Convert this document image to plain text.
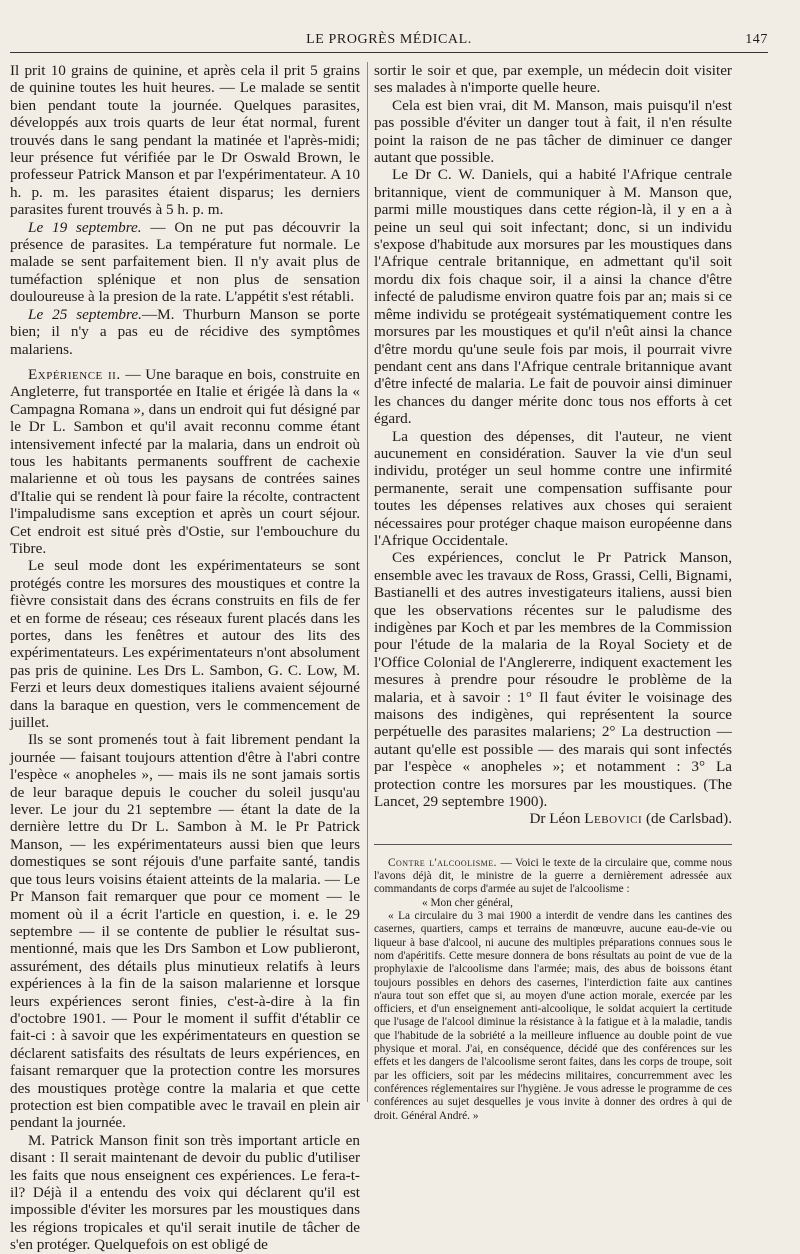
LE PROGRÈS MÉDICAL.	147

Il prit 10 grains de quinine, et après cela il prit 5 grains de quinine toutes les huit heures. — Le malade se sentit bien pendant toute la journée. Quelques parasites, développés aux trois quarts de leur état normal, furent trouvés dans le sang pendant la matinée et l'après-midi; leur présence fut vérifiée par le Dr Oswald Brown, le professeur Patrick Manson et par l'expérimentateur. A 10 h. p. m. les parasites étaient disparus; les derniers parasites furent trouvés à 5 h. p. m.

Le 19 septembre. — On ne put pas découvrir la présence de parasites. La température fut normale. Le malade se sent parfaitement bien. Il n'y avait plus de tuméfaction splénique et non plus de sensation douloureuse à la presion de la rate. L'appétit s'est rétabli.

Le 25 septembre.—M. Thurburn Manson se porte bien; il n'y a pas eu de récidive des symptômes malariens.

Expérience ii. — Une baraque en bois, construite en Angleterre, fut transportée en Italie et érigée là dans la « Campagna Romana », dans un endroit qui fut désigné par le Dr L. Sambon et qu'il avait reconnu comme étant intensivement infecté par la malaria, dans un endroit où tous les habitants permanents souffrent de cachexie malarienne et où tous les paysans de contrées saines d'Italie qui se rendent là pour faire la récolte, contractent l'impaludisme sans exception et après un court séjour. Cet endroit est situé près d'Ostie, sur l'embouchure du Tibre.

Le seul mode dont les expérimentateurs se sont protégés contre les morsures des moustiques et contre la fièvre consistait dans des écrans construits en fils de fer et en forme de réseau; ces réseaux furent placés dans les portes, dans les fenêtres et autour des lits des expérimentateurs. Les expérimentateurs n'ont absolument pas pris de quinine. Les Drs L. Sambon, G. C. Low, M. Ferzi et leurs deux domestiques italiens avaient séjourné dans la baraque en question, vers le commencement de juillet.

Ils se sont promenés tout à fait librement pendant la journée — faisant toujours attention d'être à l'abri contre l'espèce « anopheles », — mais ils ne sont jamais sortis de leur baraque depuis le coucher du soleil jusqu'au lever. Le jour du 21 septembre — étant la date de la dernière lettre du Dr L. Sambon à M. le Pr Patrick Manson, — les expérimentateurs aussi bien que leurs domestiques se sont réjouis d'une parfaite santé, tandis que tous leurs voisins étaient atteints de la malaria. — Le Pr Manson fait remarquer que pour ce moment — le moment où il a écrit l'article en question, i. e. le 29 septembre — il se contente de publier le résultat sus-mentionné, mais que les Drs Sambon et Low publieront, assurément, des détails plus minutieux relatifs à leurs expériences à la fin de la saison malarienne et lorsque leurs expériences seront finies, c'est-à-dire à la fin d'octobre 1901. — Pour le moment il suffit d'établir ce fait-ci : à savoir que les expérimentateurs en question se déclarent satisfaits des résultats de leurs expériences, en faisant remarquer que la protection contre les morsures des moustiques protège contre la malaria et que cette protection est bien compatible avec le travail en plein air pendant la journée.

M. Patrick Manson finit son très important article en disant : Il serait maintenant de devoir du public d'utiliser les faits que nous enseignent ces expériences. Le fera-t-il? Déjà il a entendu des voix qui déclarent qu'il est impossible d'éviter les morsures par les moustiques dans les régions tropicales et qu'il serait inutile de tâcher de s'en protéger. Quelquefois on est obligé de

sortir le soir et que, par exemple, un médecin doit visiter ses malades à n'importe quelle heure.

Cela est bien vrai, dit M. Manson, mais puisqu'il n'est pas possible d'éviter un danger tout à fait, il n'en résulte point la raison de ne pas tâcher de diminuer ce danger autant que possible.

Le Dr C. W. Daniels, qui a habité l'Afrique centrale britannique, vient de communiquer à M. Manson que, parmi mille moustiques dans cette région-là, il y en a à peine un seul qui soit infectant; donc, si un individu s'expose d'habitude aux morsures par les moustiques dans l'Afrique centrale britannique, en admettant qu'il soit mordu dix fois chaque soir, il a ainsi la chance d'être infecté de paludisme environ quatre fois par an; mais si ce même individu se protégeait systématiquement contre les morsures par les moustiques et qu'il n'eût ainsi la chance d'être mordu qu'une seule fois par mois, il pourrait vivre pendant cent ans dans l'Afrique centrale britannique avant d'être infecté de malaria. Le fait de pouvoir ainsi diminuer les chances du danger mérite donc tous nos efforts à cet égard.

La question des dépenses, dit l'auteur, ne vient aucunement en considération. Sauver la vie d'un seul individu, protéger un seul homme contre une infirmité permanente, serait une compensation suffisante pour toutes les dépenses relatives aux choses qui seraient nécessaires pour protéger chaque maison européenne dans l'Afrique Occidentale.

Ces expériences, conclut le Pr Patrick Manson, ensemble avec les travaux de Ross, Grassi, Celli, Bignami, Bastianelli et des autres investigateurs italiens, aussi bien que les observations récentes sur le paludisme des indigènes par Koch et par les membres de la Commission pour l'étude de la malaria de la Royal Society et de l'Office Colonial de l'Anglererre, indiquent exactement les mesures à prendre pour résoudre le problème de la malaria, et à savoir : 1° Il faut éviter le voisinage des maisons des indigènes, qui représentent la source perpétuelle des parasites malariens; 2° La destruction — autant qu'elle est possible — des marais qui sont infectés par l'espèce « anopheles »; et notamment : 3° La protection contre les morsures par les moustiques. (The Lancet, 29 septembre 1900).

Dr Léon Lebovici (de Carlsbad).

Contre l'alcoolisme. — Voici le texte de la circulaire que, comme nous l'avons déjà dit, le ministre de la guerre a dernièrement adressée aux commandants de corps d'armée au sujet de l'alcoolisme :

« Mon cher général,

« La circulaire du 3 mai 1900 a interdit de vendre dans les cantines des casernes, quartiers, camps et terrains de manœuvre, aucune eau-de-vie ou liqueur à base d'alcool, ni aucune des multiples préparations connues sous le nom d'apéritifs. Cette mesure donnera de bons résultats au point de vue de la prophylaxie de l'alcoolisme dans l'armée; mais, des abus de boissons étant toujours possibles en dehors des casernes, l'interdiction faite aux cantines n'aura tout son effet que si, au moyen d'une action morale, exercée par les officiers, et d'un enseignement anti-alcoolique, le soldat acquiert la certitude que l'usage de l'alcool diminue la résistance à la fatigue et à la maladie, tandis que l'habitude de la sobriété a la meilleure influence au double point de vue physique et moral. J'ai, en conséquence, décidé que des conférences sur les effets et les dangers de l'alcoolisme seront faites, dans les corps de troupe, soit par les officiers, soit par les médecins militaires, concurremment avec les conférences réglementaires sur l'hygiène. Je vous adresse le programme de ces conférences au sujet desquelles je vous invite à donner des ordres à qui de droit. Général André. »
